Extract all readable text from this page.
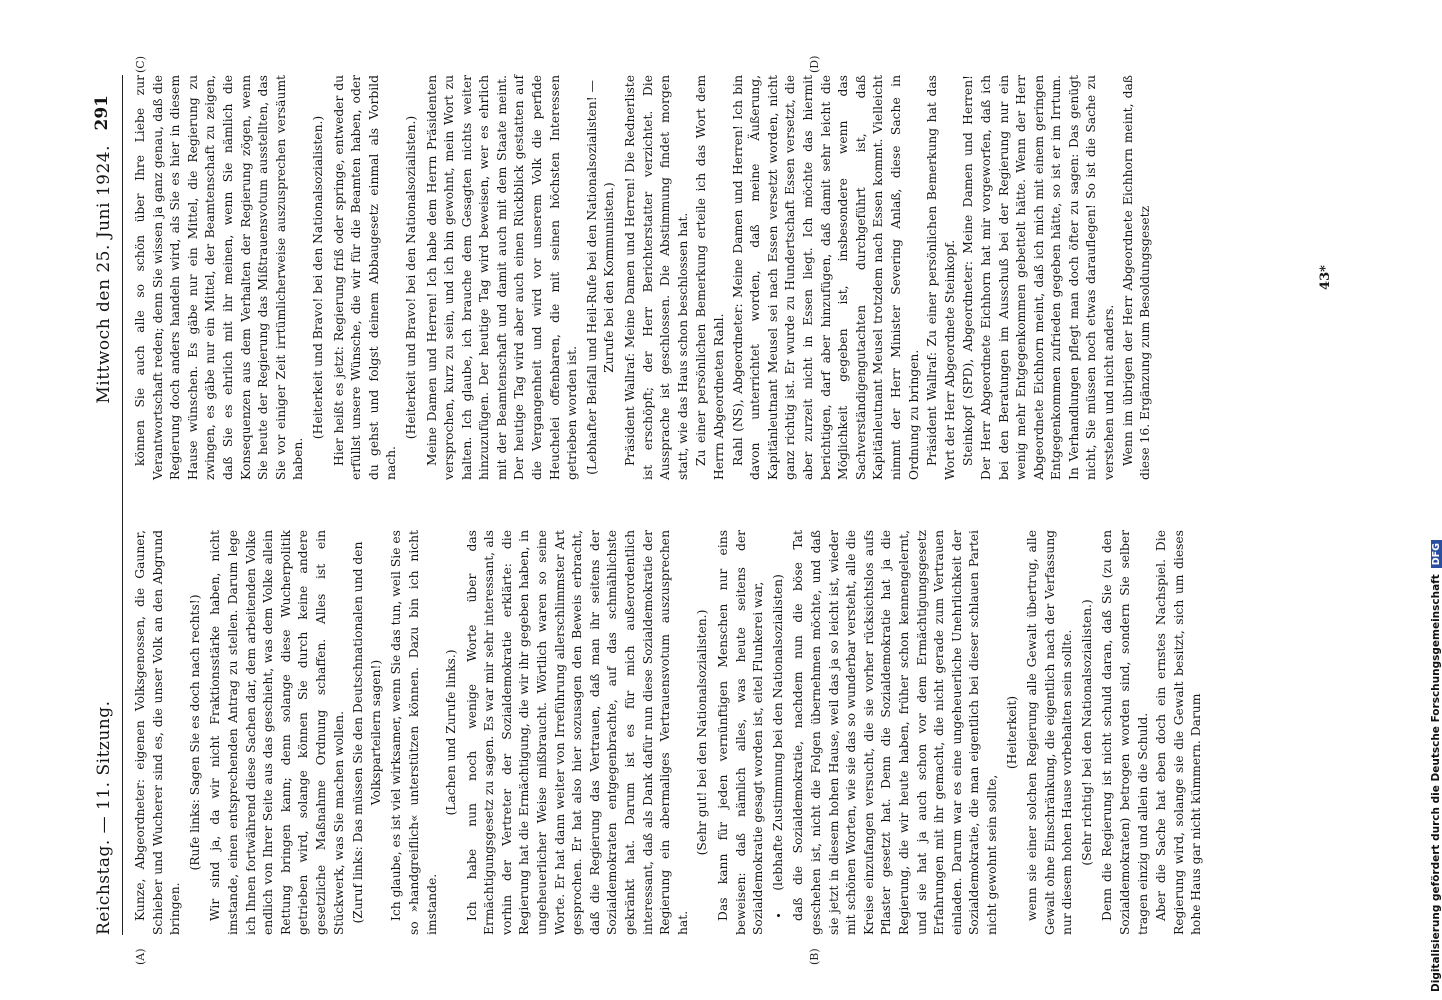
Reichstag. — 11. Sitzung.
Mittwoch den 25. Juni 1924.
291
(A)	(B)
(C)	(D)

Kunze, Abgeordneter: eigenen Volksgenossen, die Gauner, Schieber und Wucherer sind es, die unser Volk an den Abgrund bringen.

(Rufe links: Sagen Sie es doch nach rechts!) Wir sind ja, da wir nicht Fraktionsstärke haben, nicht imstande, einen entsprechenden Antrag zu stellen. Darum lege ich Ihnen fortwährend diese Sachen dar, dem arbeitenden Volke endlich von Ihrer Seite aus das geschieht, was dem Volke allein Rettung bringen kann; denn solange diese Wucherpolitik getrieben wird, solange können Sie durch keine andere gesetzliche Maßnahme Ordnung schaffen. Alles ist ein Stückwerk, was Sie machen wollen. (Zuruf links: Das müssen Sie den Deutschnationalen und den Volksparteilern sagen!) Ich glaube, es ist viel wirksamer, wenn Sie das tun, weil Sie es so »handgreiflich« unterstützen können. Dazu bin ich nicht imstande.

(Lachen und Zurufe links.) Ich habe nun noch wenige Worte über das Ermächtigungsgesetz zu sagen. Es war mir sehr interessant, als vorhin der Vertreter der Sozialdemokratie erklärte: die Regierung hat die Ermächtigung, die wir ihr gegeben haben, in ungeheuerlicher Weise mißbraucht. Wörtlich waren so seine Worte. Er hat dann weiter von Irreführung allerschlimmster Art gesprochen. Er hat also hier sozusagen den Beweis erbracht, daß die Regierung das Vertrauen, daß man ihr seitens der Sozialdemokraten entgegenbrachte, auf das schmählichste gekränkt hat. Darum ist es für mich außerordentlich interessant, daß als Dank dafür nun diese Sozialdemokratie der Regierung ein abermaliges Vertrauensvotum auszusprechen hat.

(Sehr gut! bei den Nationalsozialisten.) Das kann für jeden vernünftigen Menschen nur eins beweisen: daß nämlich alles, was heute seitens der Sozialdemokratie gesagt worden ist, eitel Flunkerei war, (lebhafte Zustimmung bei den Nationalsozialisten) daß die Sozialdemokratie, nachdem nun die böse Tat geschehen ist, nicht die Folgen übernehmen möchte, und daß sie jetzt in diesem hohen Hause, weil das ja so leicht ist, wieder mit schönen Worten, wie sie das so wunderbar versteht, alle die Kreise einzufangen versucht, die sie vorher rücksichtslos aufs Pflaster gesetzt hat. Denn die Sozialdemokratie hat ja die Regierung, die wir heute haben, früher schon kennengelernt, und sie hat ja auch schon vor dem Ermächtigungsgesetz Erfahrungen mit ihr gemacht, die nicht gerade zum Vertrauen einladen. Darum war es eine ungeheuerliche Unehrlichkeit der Sozialdemokratie, die man eigentlich bei dieser schlauen Partei nicht gewohnt sein sollte,

(Heiterkeit) wenn sie einer solchen Regierung alle Gewalt übertrug, alle Gewalt ohne Einschränkung, die eigentlich nach der Verfassung nur diesem hohen Hause vorbehalten sein sollte. (Sehr richtig! bei den Nationalsozialisten.) Denn die Regierung ist nicht schuld daran, daß Sie (zu den Sozialdemokraten) betrogen worden sind, sondern Sie selber tragen einzig und allein die Schuld. Aber die Sache hat eben doch ein ernstes Nachspiel. Die Regierung wird, solange sie die Gewalt besitzt, sich um dieses hohe Haus gar nicht kümmern. Darum

können Sie auch alle so schön über Ihre Liebe zur Verantwortschaft reden; denn Sie wissen ja ganz genau, daß die Regierung doch anders handeln wird, als Sie es hier in diesem Hause wünschen. Es gäbe nur ein Mittel, die Regierung zu zwingen, es gäbe nur ein Mittel, der Beamtenschaft zu zeigen, daß Sie es ehrlich mit ihr meinen, wenn Sie nämlich die Konsequenzen aus dem Verhalten der Regierung zögen, wenn Sie heute der Regierung das Mißtrauensvotum ausstellten, das Sie vor einiger Zeit irrtümlicherweise auszusprechen versäumt haben.

(Heiterkeit und Bravo! bei den Nationalsozialisten.) Hier heißt es jetzt: Regierung friß oder springe, entweder du erfüllst unsere Wünsche, die wir für die Beamten haben, oder du gehst und folgst deinem Abbaugesetz einmal als Vorbild nach.

(Heiterkeit und Bravo! bei den Nationalsozialisten.) Meine Damen und Herren! Ich habe dem Herrn Präsidenten versprochen, kurz zu sein, und ich bin gewohnt, mein Wort zu halten. Ich glaube, ich brauche dem Gesagten nichts weiter hinzuzufügen. Der heutige Tag wird beweisen, wer es ehrlich mit der Beamtenschaft und damit auch mit dem Staate meint. Der heutige Tag wird aber auch einen Rückblick gestatten auf die Vergangenheit und wird vor unserem Volk die perfide Heuchelei offenbaren, die mit seinen höchsten Interessen getrieben worden ist. (Lebhafter Beifall und Heil-Rufe bei den Nationalsozialisten! — Zurufe bei den Kommunisten.) Präsident Wallraf: Meine Damen und Herren! Die Rednerliste ist erschöpft; der Herr Berichterstatter verzichtet. Die Aussprache ist geschlossen. Die Abstimmung findet morgen statt, wie das Haus schon beschlossen hat. Zu einer persönlichen Bemerkung erteile ich das Wort dem Herrn Abgeordneten Rahl. Rahl (NS), Abgeordneter: Meine Damen und Herren! Ich bin davon unterrichtet worden, daß meine Äußerung, Kapitänleutnant Meusel sei nach Essen versetzt worden, nicht ganz richtig ist. Er wurde zu Hundertschaft Essen versetzt, die aber zurzeit nicht in Essen liegt. Ich möchte das hiermit berichtigen, darf aber hinzufügen, daß damit sehr leicht die Möglichkeit gegeben ist, insbesondere wenn das Sachverständigengutachten durchgeführt ist, daß Kapitänleutnant Meusel trotzdem nach Essen kommt. Vielleicht nimmt der Herr Minister Severing Anlaß, diese Sache in Ordnung zu bringen. Präsident Wallraf: Zu einer persönlichen Bemerkung hat das Wort der Herr Abgeordnete Steinkopf. Steinkopf (SPD), Abgeordneter: Meine Damen und Herren! Der Herr Abgeordnete Eichhorn hat mir vorgeworfen, daß ich bei den Beratungen im Ausschuß bei der Regierung nur ein wenig mehr Entgegenkommen gebettelt hätte. Wenn der Herr Abgeordnete Eichhorn meint, daß ich mich mit einem geringen Entgegenkommen zufrieden gegeben hätte, so ist er im Irrtum. In Verhandlungen pflegt man doch öfter zu sagen: Das genügt nicht, Sie müssen noch etwas darauflegen! So ist die Sache zu verstehen und nicht anders. Wenn im übrigen der Herr Abgeordnete Eichhorn meint, daß diese 16. Ergänzung zum Besoldungsgesetz	43*
Digitalisierung gefördert durch die Deutsche ForschungsgemeinschaftDFG
